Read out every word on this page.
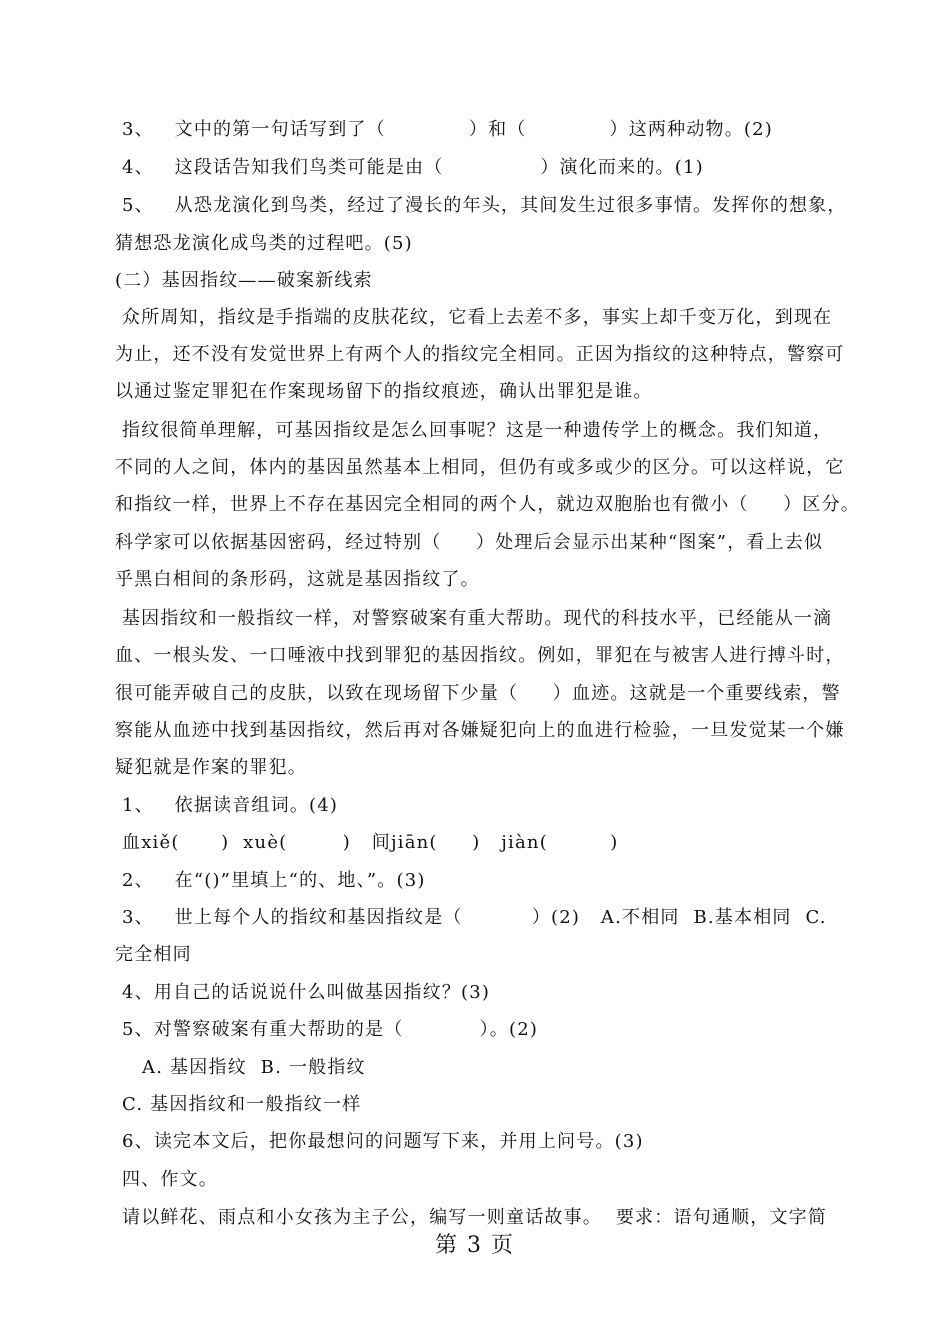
3、   文中的第一句话写到了（            ）和（            ）这两种动物。(2)
4、   这段话告知我们鸟类可能是由（              ）演化而来的。(1)
5、   从恐龙演化到鸟类，经过了漫长的年头，其间发生过很多事情。发挥你的想象，
猜想恐龙演化成鸟类的过程吧。(5)
(二）基因指纹——破案新线索
众所周知，指纹是手指端的皮肤花纹，它看上去差不多，事实上却千变万化，到现在
为止，还不没有发觉世界上有两个人的指纹完全相同。正因为指纹的这种特点，警察可
以通过鉴定罪犯在作案现场留下的指纹痕迹，确认出罪犯是谁。
指纹很简单理解，可基因指纹是怎么回事呢？这是一种遗传学上的概念。我们知道，
不同的人之间，体内的基因虽然基本上相同，但仍有或多或少的区分。可以这样说，它
和指纹一样，世界上不存在基因完全相同的两个人，就边双胞胎也有微小（     ）区分。
科学家可以依据基因密码，经过特别（     ）处理后会显示出某种“图案”，看上去似
乎黑白相间的条形码，这就是基因指纹了。
基因指纹和一般指纹一样，对警察破案有重大帮助。现代的科技水平，已经能从一滴
血、一根头发、一口唾液中找到罪犯的基因指纹。例如，罪犯在与被害人进行搏斗时，
很可能弄破自己的皮肤，以致在现场留下少量（     ）血迹。这就是一个重要线索，警
察能从血迹中找到基因指纹，然后再对各嫌疑犯向上的血进行检验，一旦发觉某一个嫌
疑犯就是作案的罪犯。
1、   依据读音组词。(4)
血xiě(      )  xuè(        )   间jiān(     )   jiàn(         )
2、   在“()”里填上“的、地、”。(3)
3、   世上每个人的指纹和基因指纹是（          ）(2)   A.不相同  B.基本相同  C.
完全相同
4、用自己的话说说什么叫做基因指纹？(3)
5、对警察破案有重大帮助的是（           ）。(2)
A. 基因指纹  B. 一般指纹
C. 基因指纹和一般指纹一样
6、读完本文后，把你最想问的问题写下来，并用上问号。(3)
四、作文。
请以鲜花、雨点和小女孩为主子公，编写一则童话故事。  要求：语句通顺，文字简
第 3 页
